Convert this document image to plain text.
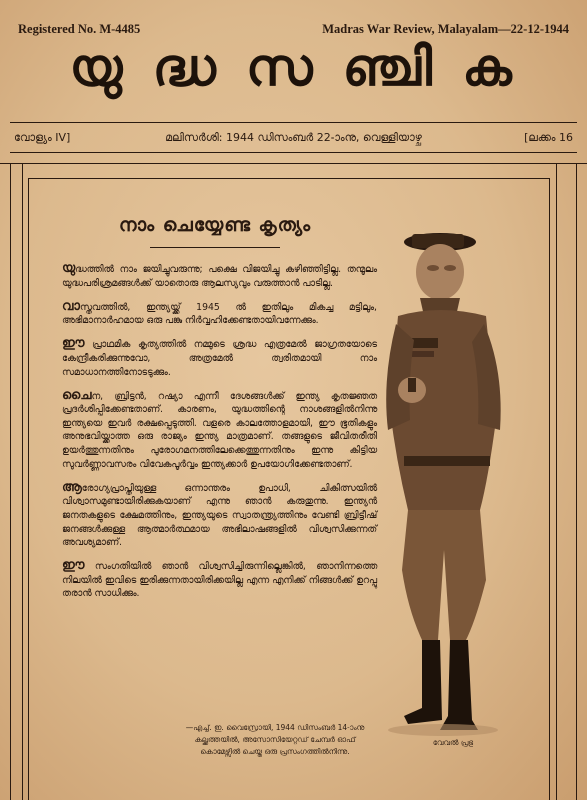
Registered No. M-4485	Madras War Review, Malayalam—22-12-1944
യു ദ്ധ സ ഞ്ചി ക
വോള്യം IV]	മലിസർശി: 1944 ഡിസംബർ 22-ാംനു, വെള്ളിയാഴ്ച	[ലക്കം 16
നാം ചെയ്യേണ്ട കൃത്യം

യുദ്ധത്തിൽ നാം ജയിച്ചുവരുന്നു; പക്ഷെ വിജയിച്ചു കഴിഞ്ഞിട്ടില്ല. തന്മൂലം യുദ്ധപരിശ്രമങ്ങൾക്ക് യാതൊരു ആലസ്യവും വരുത്താൻ പാടില്ല.

വാസ്തവത്തിൽ, ഇന്ത്യയ്ക്ക് 1945 ൽ ഇതിലും മികച്ച മട്ടിലും, അഭിമാനാർഹമായ ഒരു പങ്കു നിർവ്വഹിക്കേണ്ടതായിവന്നേക്കും.

ഈ പ്രാഥമിക കൃത്യത്തിൽ നമ്മുടെ ശ്രദ്ധ എത്രമേൽ ജാഗ്രതയോടെ കേന്ദ്രീകരിക്കുന്നുവോ, അത്രമേൽ ത്വരിതമായി നാം സമാധാനത്തിനോടടുക്കും.

ചൈന, ബ്രിട്ടൻ, റഷ്യാ എന്നീ ദേശങ്ങൾക്ക് ഇന്ത്യ കൃതജ്ഞത പ്രദർശിപ്പിക്കേണ്ടതാണ്. കാരണം, യുദ്ധത്തിന്റെ നാശങ്ങളിൽനിന്നു ഇന്ത്യയെ ഇവർ രക്ഷപ്പെടുത്തി. വളരെ കാലത്തോളമായി, ഈ ഭൂതികളും അനുഭവിയ്ക്കാത്ത ഒരു രാജ്യം ഇന്ത്യ മാത്രമാണ്. തങ്ങളുടെ ജീവിതരീതി ഉയർത്തുന്നതിനും പുരോഗമനത്തിലേക്കെത്തുന്നതിനും ഇന്നു കിട്ടിയ സുവർണ്ണാവസരം വിവേകപൂർവ്വം ഇന്ത്യക്കാർ ഉപയോഗിക്കേണ്ടതാണ്.

ആരോഗ്യപ്രാപ്തിയുള്ള ഒന്നാന്തരം ഉപാധി, ചികിത്സയിൽ വിശ്വാസമുണ്ടായിരിക്കുകയാണ് എന്നു ഞാൻ കരുതുന്നു. ഇന്ത്യൻ ജനതകളുടെ ക്ഷേമത്തിനും, ഇന്ത്യയുടെ സ്വാതന്ത്ര്യത്തിനും വേണ്ടി ബ്രിട്ടീഷ് ജനങ്ങൾക്കുള്ള ആത്മാർത്ഥമായ അഭിലാഷങ്ങളിൽ വിശ്വസിക്കുന്നത് അവശ്യമാണ്.

ഈ സംഗതിയിൽ ഞാൻ വിശ്വസിച്ചിരുന്നില്ലെങ്കിൽ, ഞാനിന്നത്തെ നിലയിൽ ഇവിടെ ഇരിക്കുന്നതായിരിക്കയില്ല എന്ന എനിക്ക് നിങ്ങൾക്ക് ഉറപ്പു തരാൻ സാധിക്കും.

—എച്ച്. ഇ. വൈസ്രോയി, 1944 ഡിസംബർ 14-ാംനു
കല്ക്കത്തയിൽ, അസോസിയേറ്റഡ് ചേമ്പർ ഓഫ്
കൊമേഴ്സിൽ ചെയ്ത ഒരു പ്രസംഗത്തിൽനിന്നു.
വേവൽ പ്രഭു
